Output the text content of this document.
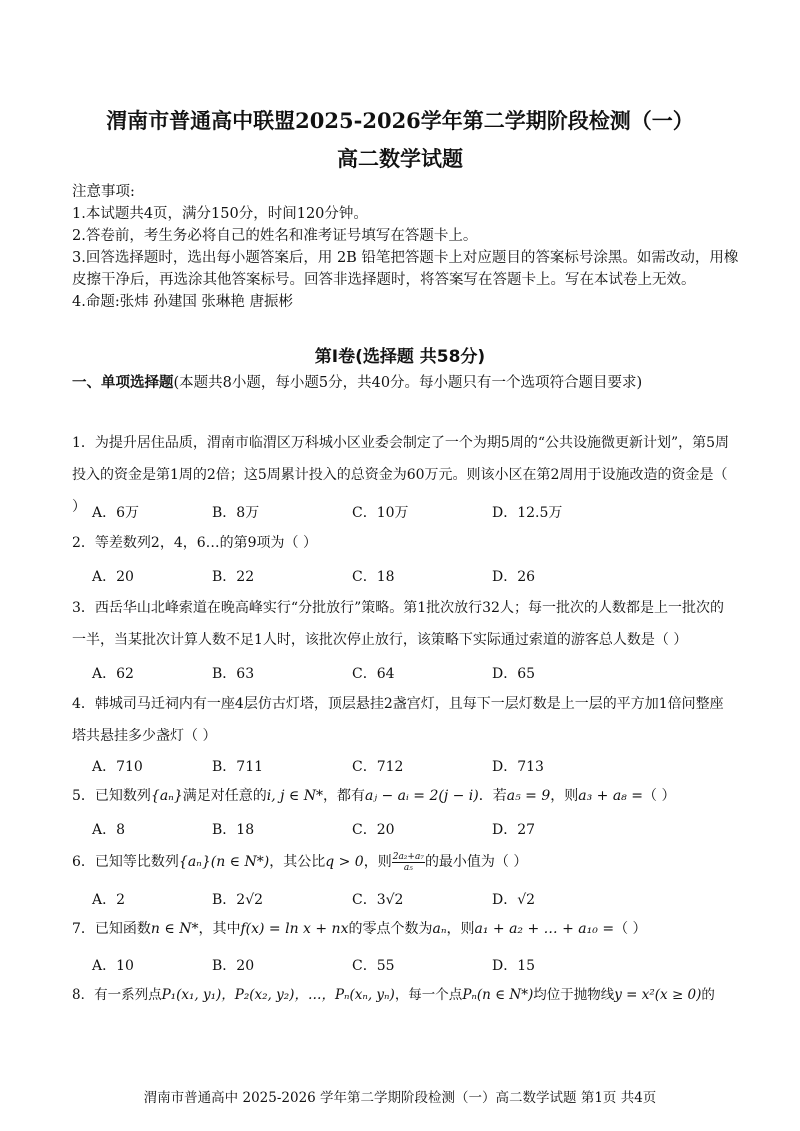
渭南市普通高中联盟2025-2026学年第二学期阶段检测（一）
高二数学试题
注意事项:
1.本试题共4页，满分150分，时间120分钟。
2.答卷前，考生务必将自己的姓名和准考证号填写在答题卡上。
3.回答选择题时，选出每小题答案后，用 2B 铅笔把答题卡上对应题目的答案标号涂黑。如需改动，用橡皮擦干净后，再选涂其他答案标号。回答非选择题时，将答案写在答题卡上。写在本试卷上无效。
4.命题:张炜 孙建国 张琳艳 唐振彬
第Ⅰ卷(选择题 共58分)
一、单项选择题(本题共8小题，每小题5分，共40分。每小题只有一个选项符合题目要求)
1．为提升居住品质，渭南市临渭区万科城小区业委会制定了一个为期5周的“公共设施微更新计划”，第5周投入的资金是第1周的2倍；这5周累计投入的总资金为60万元。则该小区在第2周用于设施改造的资金是（ ） A．6万	B．8万	C．10万	D．12.5万
2．等差数列2，4，6…的第9项为（ ）
A．20	B．22	C．18	D．26
3．西岳华山北峰索道在晚高峰实行“分批放行”策略。第1批次放行32人；每一批次的人数都是上一批次的一半，当某批次计算人数不足1人时，该批次停止放行，该策略下实际通过索道的游客总人数是（ ）
A．62	B．63	C．64	D．65
4．韩城司马迁祠内有一座4层仿古灯塔，顶层悬挂2盏宫灯，且每下一层灯数是上一层的平方加1倍问整座塔共悬挂多少盏灯（ ）
A．710	B．711	C．712	D．713
5．已知数列{aₙ}满足对任意的i, j ∈ N*，都有aⱼ − aᵢ = 2(j − i)．若a₅ = 9，则a₃ + a₈ =（ ）
A．8	B．18	C．20	D．27
6．已知等比数列{aₙ}(n ∈ N*)，其公比q > 0，则 $\frac{\text{2a₂+a₇}}{\text{a₅}}$ 的最小值为（ ）
A．2	B．2√2	C．3√2	D．√2
7．已知函数n ∈ N*，其中f(x) = ln x + nx的零点个数为aₙ，则a₁ + a₂ + … + a₁₀ =（ ）
A．10	B．20	C．55	D．15
8．有一系列点P₁(x₁, y₁)，P₂(x₂, y₂)，…，Pₙ(xₙ, yₙ)，每一个点Pₙ(n ∈ N*)均位于抛物线y = x²(x ≥ 0)的
渭南市普通高中 2025-2026 学年第二学期阶段检测（一）高二数学试题 第1页 共4页
